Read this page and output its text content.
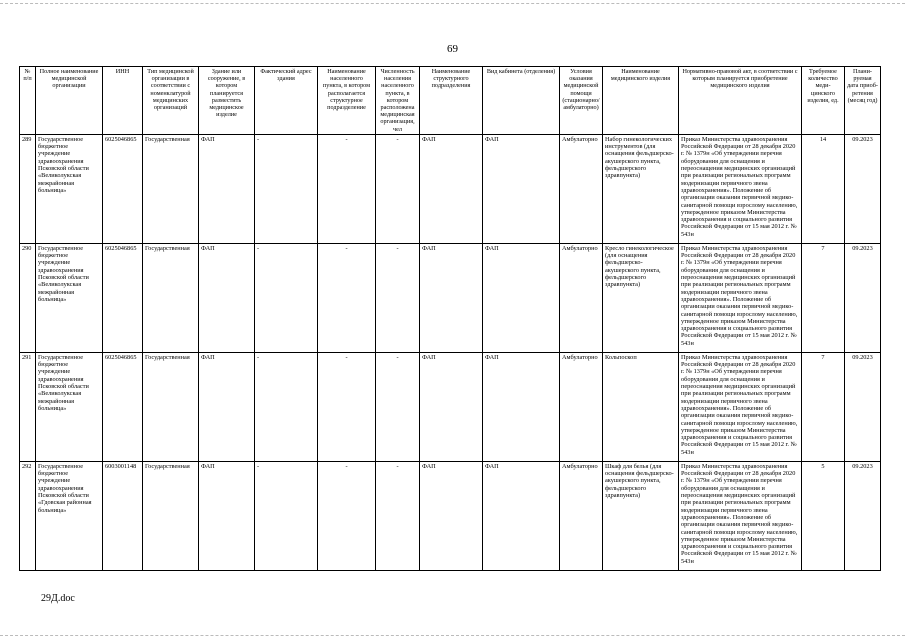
69
№ п/п	Полное наименование медицинской организации	ИНН	Тип медицинской организации в соответствии с номенклатурой медицинских организаций	Здание или сооружение, в котором планируется разместить медицинское изделие	Фактический адрес здания	Наименование населенного пункта, в котором располагается структурное подразделение	Численность населения населенного пункта, в котором расположена медицинская организация, чел	Наименование структурного подразделения	Вид кабинета (отделения)	Условия оказания медицинской помощи (стационарно/ амбулаторно)	Наименование медицинского изделия	Нормативно-правовой акт, в соответствии с которым планируется приобретение медицинского изделия	Требуемое количество меди-цинского изделия, ед.	Плани-руемая дата приоб-ретения (месяц год)
289	Государственное бюджетное учреждение здравоохранения Псковской области «Великолукская межрайонная больница»	6025046865	Государственная	ФАП	-	-	-	ФАП	ФАП	Амбулаторно	Набор гинекологических инструментов (для оснащения фельдшерско-акушерского пункта, фельдшерского здравпункта)	Приказ Министерства здравоохранения Российской Федерации от 28 декабря 2020 г. № 1379н «Об утверждении перечня оборудования для оснащения и переоснащения медицинских организаций при реализации региональных программ модернизации первичного звена здравоохранения». Положение об организации оказания первичной медико-санитарной помощи взрослому населению, утвержденное приказом Министерства здравоохранения и социального развития Российской Федерации от 15 мая 2012 г. № 543н	14	09.2023
290	Государственное бюджетное учреждение здравоохранения Псковской области «Великолукская межрайонная больница»	6025046865	Государственная	ФАП	-	-	-	ФАП	ФАП	Амбулаторно	Кресло гинекологическое (для оснащения фельдшерско-акушерского пункта, фельдшерского здравпункта)	Приказ Министерства здравоохранения Российской Федерации от 28 декабря 2020 г. № 1379н «Об утверждении перечня оборудования для оснащения и переоснащения медицинских организаций при реализации региональных программ модернизации первичного звена здравоохранения». Положение об организации оказания первичной медико-санитарной помощи взрослому населению, утвержденное приказом Министерства здравоохранения и социального развития Российской Федерации от 15 мая 2012 г. № 543н	7	09.2023
291	Государственное бюджетное учреждение здравоохранения Псковской области «Великолукская межрайонная больница»	6025046865	Государственная	ФАП	-	-	-	ФАП	ФАП	Амбулаторно	Кольпоскоп	Приказ Министерства здравоохранения Российской Федерации от 28 декабря 2020 г. № 1379н «Об утверждении перечня оборудования для оснащения и переоснащения медицинских организаций при реализации региональных программ модернизации первичного звена здравоохранения». Положение об организации оказания первичной медико-санитарной помощи взрослому населению, утвержденное приказом Министерства здравоохранения и социального развития Российской Федерации от 15 мая 2012 г. № 543н	7	09.2023
292	Государственное бюджетное учреждение здравоохранения Псковской области «Гдовская районная больница»	6003001148	Государственная	ФАП	-	-	-	ФАП	ФАП	Амбулаторно	Шкаф для белья (для оснащения фельдшерско-акушерского пункта, фельдшерского здравпункта)	Приказ Министерства здравоохранения Российской Федерации от 28 декабря 2020 г. № 1379н «Об утверждении перечня оборудования для оснащения и переоснащения медицинских организаций при реализации региональных программ модернизации первичного звена здравоохранения». Положение об организации оказания первичной медико-санитарной помощи взрослому населению, утвержденное приказом Министерства здравоохранения и социального развития Российской Федерации от 15 мая 2012 г. № 543н	5	09.2023
29Д.doc
